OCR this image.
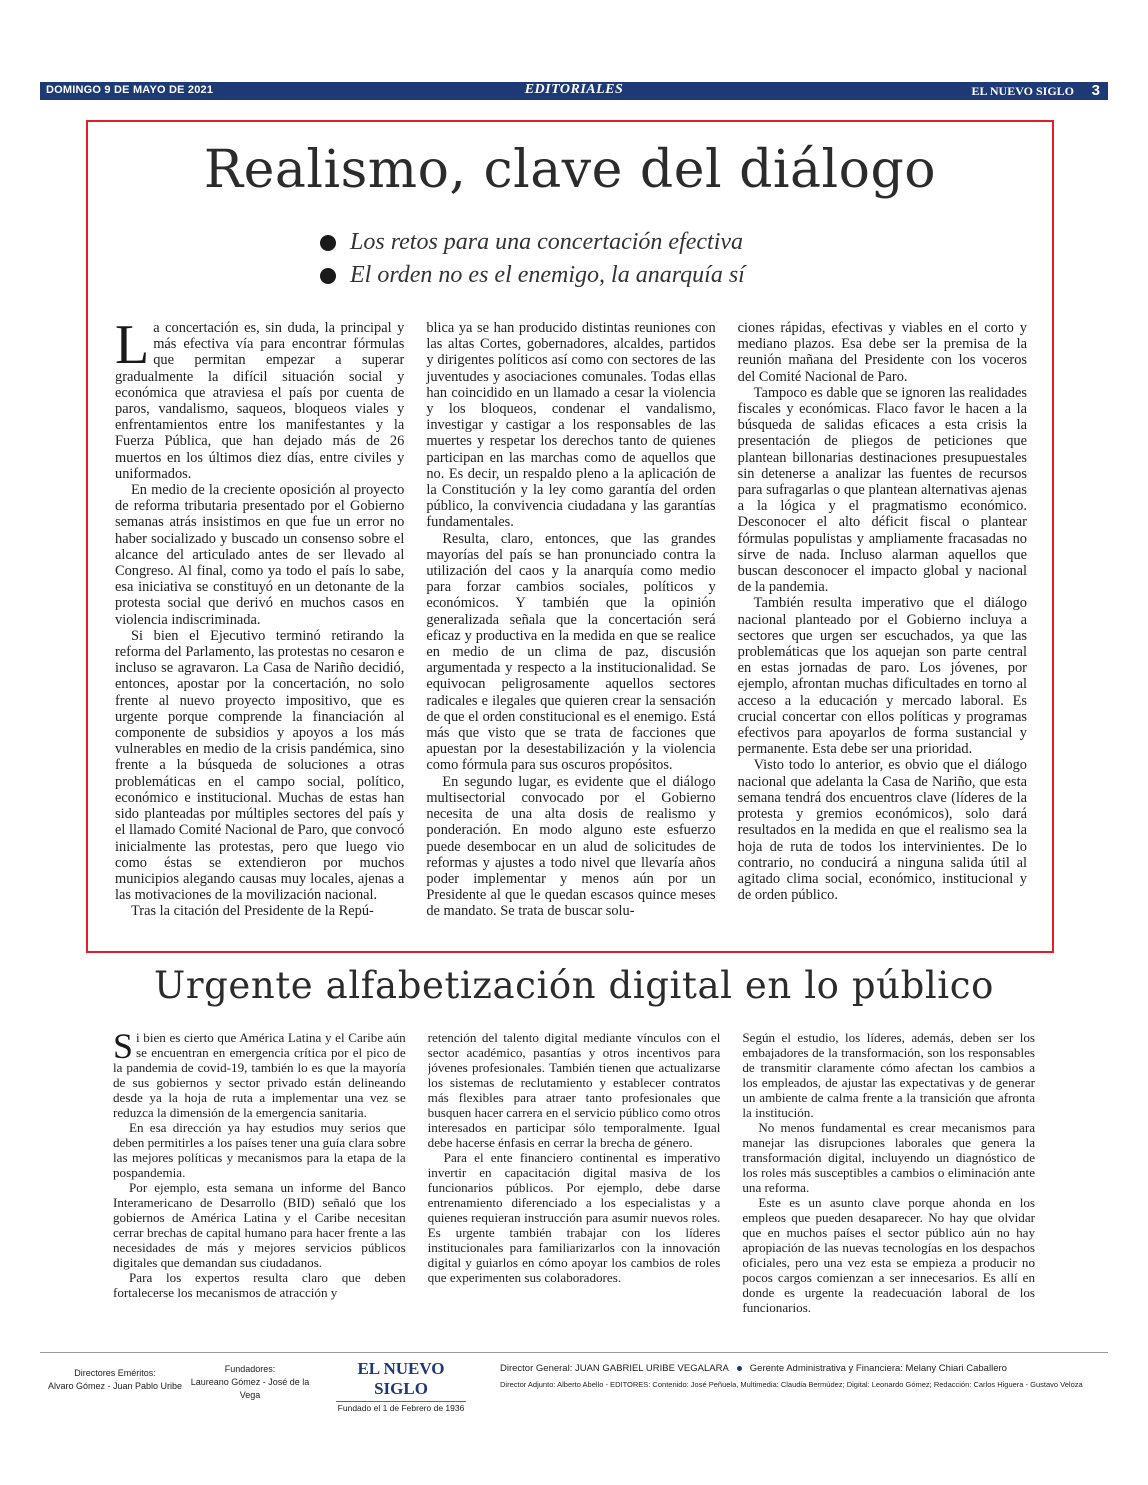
DOMINGO 9 DE MAYO DE 2021	EDITORIALES	EL NUEVO SIGLO 3
Realismo, clave del diálogo
Los retos para una concertación efectiva
El orden no es el enemigo, la anarquía sí

La concertación es, sin duda, la principal y más efectiva vía para encontrar fórmulas que permitan empezar a superar gradualmente la difícil situación social y económica que atraviesa el país por cuenta de paros, vandalismo, saqueos, bloqueos viales y enfrentamientos entre los manifestantes y la Fuerza Pública, que han dejado más de 26 muertos en los últimos diez días, entre civiles y uniformados.

En medio de la creciente oposición al proyecto de reforma tributaria presentado por el Gobierno semanas atrás insistimos en que fue un error no haber socializado y buscado un consenso sobre el alcance del articulado antes de ser llevado al Congreso. Al final, como ya todo el país lo sabe, esa iniciativa se constituyó en un detonante de la protesta social que derivó en muchos casos en violencia indiscriminada.

Si bien el Ejecutivo terminó retirando la reforma del Parlamento, las protestas no cesaron e incluso se agravaron. La Casa de Nariño decidió, entonces, apostar por la concertación, no solo frente al nuevo proyecto impositivo, que es urgente porque comprende la financiación al componente de subsidios y apoyos a los más vulnerables en medio de la crisis pandémica, sino frente a la búsqueda de soluciones a otras problemáticas en el campo social, político, económico e institucional. Muchas de estas han sido planteadas por múltiples sectores del país y el llamado Comité Nacional de Paro, que convocó inicialmente las protestas, pero que luego vio como éstas se extendieron por muchos municipios alegando causas muy locales, ajenas a las motivaciones de la movilización nacional.

Tras la citación del Presidente de la Repú-

blica ya se han producido distintas reuniones con las altas Cortes, gobernadores, alcaldes, partidos y dirigentes políticos así como con sectores de las juventudes y asociaciones comunales. Todas ellas han coincidido en un llamado a cesar la violencia y los bloqueos, condenar el vandalismo, investigar y castigar a los responsables de las muertes y respetar los derechos tanto de quienes participan en las marchas como de aquellos que no. Es decir, un respaldo pleno a la aplicación de la Constitución y la ley como garantía del orden público, la convivencia ciudadana y las garantías fundamentales.

Resulta, claro, entonces, que las grandes mayorías del país se han pronunciado contra la utilización del caos y la anarquía como medio para forzar cambios sociales, políticos y económicos. Y también que la opinión generalizada señala que la concertación será eficaz y productiva en la medida en que se realice en medio de un clima de paz, discusión argumentada y respecto a la institucionalidad. Se equivocan peligrosamente aquellos sectores radicales e ilegales que quieren crear la sensación de que el orden constitucional es el enemigo. Está más que visto que se trata de facciones que apuestan por la desestabilización y la violencia como fórmula para sus oscuros propósitos.

En segundo lugar, es evidente que el diálogo multisectorial convocado por el Gobierno necesita de una alta dosis de realismo y ponderación. En modo alguno este esfuerzo puede desembocar en un alud de solicitudes de reformas y ajustes a todo nivel que llevaría años poder implementar y menos aún por un Presidente al que le quedan escasos quince meses de mandato. Se trata de buscar solu-

ciones rápidas, efectivas y viables en el corto y mediano plazos. Esa debe ser la premisa de la reunión mañana del Presidente con los voceros del Comité Nacional de Paro.

Tampoco es dable que se ignoren las realidades fiscales y económicas. Flaco favor le hacen a la búsqueda de salidas eficaces a esta crisis la presentación de pliegos de peticiones que plantean billonarias destinaciones presupuestales sin detenerse a analizar las fuentes de recursos para sufragarlas o que plantean alternativas ajenas a la lógica y el pragmatismo económico. Desconocer el alto déficit fiscal o plantear fórmulas populistas y ampliamente fracasadas no sirve de nada. Incluso alarman aquellos que buscan desconocer el impacto global y nacional de la pandemia.

También resulta imperativo que el diálogo nacional planteado por el Gobierno incluya a sectores que urgen ser escuchados, ya que las problemáticas que los aquejan son parte central en estas jornadas de paro. Los jóvenes, por ejemplo, afrontan muchas dificultades en torno al acceso a la educación y mercado laboral. Es crucial concertar con ellos políticas y programas efectivos para apoyarlos de forma sustancial y permanente. Esta debe ser una prioridad.

Visto todo lo anterior, es obvio que el diálogo nacional que adelanta la Casa de Nariño, que esta semana tendrá dos encuentros clave (líderes de la protesta y gremios económicos), solo dará resultados en la medida en que el realismo sea la hoja de ruta de todos los intervinientes. De lo contrario, no conducirá a ninguna salida útil al agitado clima social, económico, institucional y de orden público.

Urgente alfabetización digital en lo público

Si bien es cierto que América Latina y el Caribe aún se encuentran en emergencia crítica por el pico de la pandemia de covid-19, también lo es que la mayoría de sus gobiernos y sector privado están delineando desde ya la hoja de ruta a implementar una vez se reduzca la dimensión de la emergencia sanitaria.

En esa dirección ya hay estudios muy serios que deben permitirles a los países tener una guía clara sobre las mejores políticas y mecanismos para la etapa de la pospandemia.

Por ejemplo, esta semana un informe del Banco Interamericano de Desarrollo (BID) señaló que los gobiernos de América Latina y el Caribe necesitan cerrar brechas de capital humano para hacer frente a las necesidades de más y mejores servicios públicos digitales que demandan sus ciudadanos.

Para los expertos resulta claro que deben fortalecerse los mecanismos de atracción y

retención del talento digital mediante vínculos con el sector académico, pasantías y otros incentivos para jóvenes profesionales. También tienen que actualizarse los sistemas de reclutamiento y establecer contratos más flexibles para atraer tanto profesionales que busquen hacer carrera en el servicio público como otros interesados en participar sólo temporalmente. Igual debe hacerse énfasis en cerrar la brecha de género.

Para el ente financiero continental es imperativo invertir en capacitación digital masiva de los funcionarios públicos. Por ejemplo, debe darse entrenamiento diferenciado a los especialistas y a quienes requieran instrucción para asumir nuevos roles. Es urgente también trabajar con los líderes institucionales para familiarizarlos con la innovación digital y guiarlos en cómo apoyar los cambios de roles que experimenten sus colaboradores.

Según el estudio, los líderes, además, deben ser los embajadores de la transformación, son los responsables de transmitir claramente cómo afectan los cambios a los empleados, de ajustar las expectativas y de generar un ambiente de calma frente a la transición que afronta la institución.

No menos fundamental es crear mecanismos para manejar las disrupciones laborales que genera la transformación digital, incluyendo un diagnóstico de los roles más susceptibles a cambios o eliminación ante una reforma.

Este es un asunto clave porque ahonda en los empleos que pueden desaparecer. No hay que olvidar que en muchos países el sector público aún no hay apropiación de las nuevas tecnologías en los despachos oficiales, pero una vez esta se empieza a producir no pocos cargos comienzan a ser innecesarios. Es allí en donde es urgente la readecuación laboral de los funcionarios.

Directores Eméritos:
Alvaro Gómez - Juan Pablo Uribe
Fundadores:
Laureano Gómez - José de la Vega
EL NUEVO SIGLO
Fundado el 1 de Febrero de 1936
Director General: JUAN GABRIEL URIBE VEGALARA Gerente Administrativa y Financiera: Melany Chiari Caballero
Director Adjunto: Alberto Abello - EDITORES: Contenido: José Peñuela, Multimedia: Claudia Bermúdez; Digital: Leonardo Gómez; Redacción: Carlos Higuera - Gustavo Veloza
